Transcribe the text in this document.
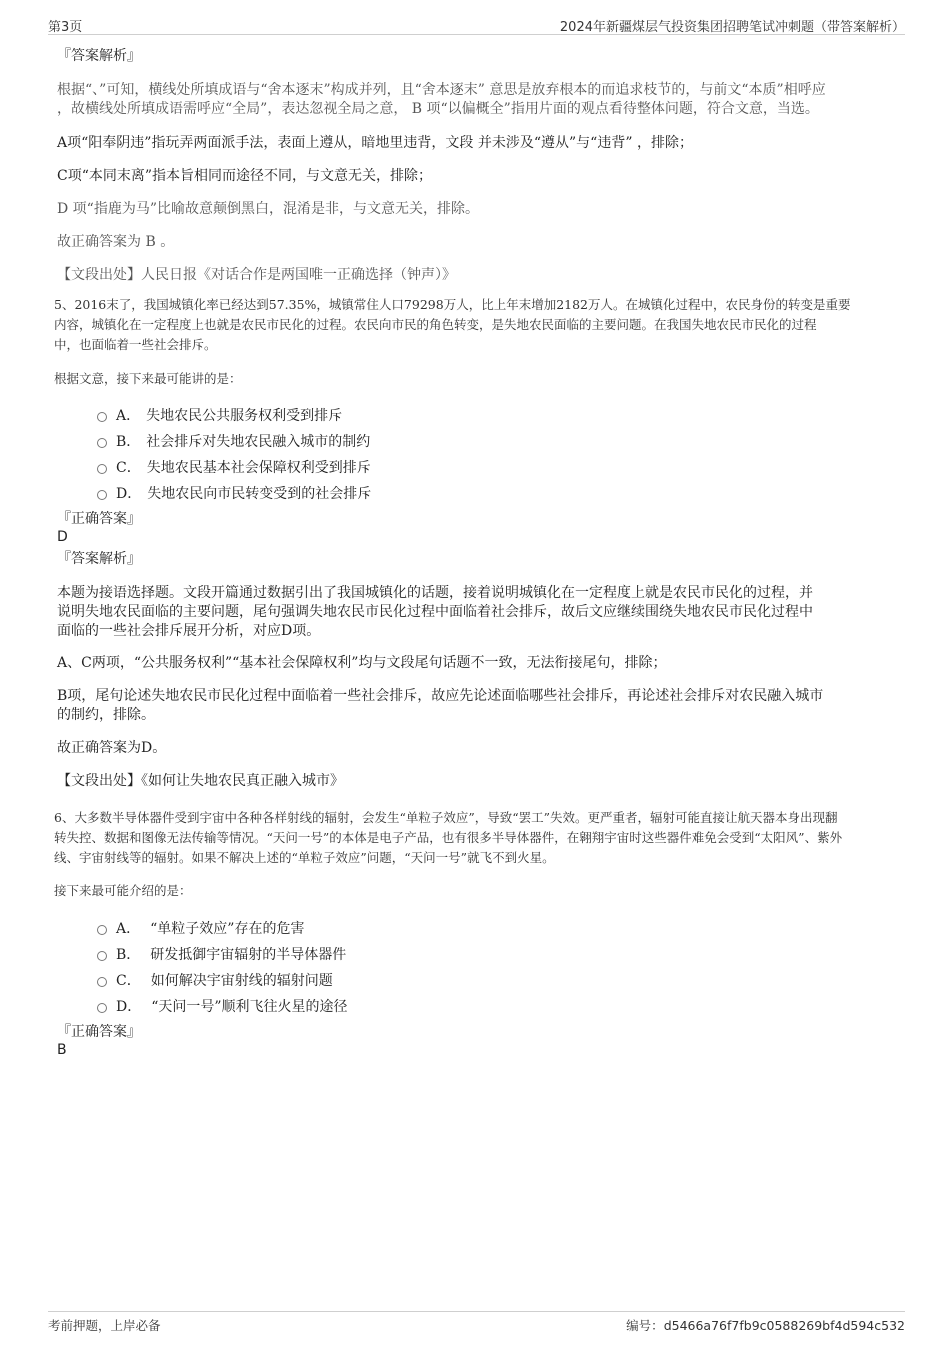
第3页	2024年新疆煤层气投资集团招聘笔试冲刺题（带答案解析）

『答案解析』

根据“、”可知，横线处所填成语与“舍本逐末”构成并列，且“舍本逐末” 意思是放弃根本的而追求枝节的，与前文“本质”相呼应

，故横线处所填成语需呼应“全局”，表达忽视全局之意， B 项“以偏概全”指用片面的观点看待整体问题，符合文意，当选。

A项“阳奉阴违”指玩弄两面派手法，表面上遵从，暗地里违背，文段 并未涉及“遵从”与“违背” ，排除；

C项“本同末离”指本旨相同而途径不同，与文意无关，排除；

D 项“指鹿为马”比喻故意颠倒黑白，混淆是非，与文意无关，排除。

故正确答案为 B 。

【文段出处】人民日报《对话合作是两国唯一正确选择（钟声）》

5、2016末了，我国城镇化率已经达到57.35%，城镇常住人口79298万人，比上年末增加2182万人。在城镇化过程中，农民身份的转变是重要

内容，城镇化在一定程度上也就是农民市民化的过程。农民向市民的角色转变，是失地农民面临的主要问题。在我国失地农民市民化的过程

中，也面临着一些社会排斥。

根据文意，接下来最可能讲的是：

A． 失地农民公共服务权利受到排斥
B． 社会排斥对失地农民融入城市的制约
C． 失地农民基本社会保障权利受到排斥
D． 失地农民向市民转变受到的社会排斥

『正确答案』

D

『答案解析』

本题为接语选择题。文段开篇通过数据引出了我国城镇化的话题，接着说明城镇化在一定程度上就是农民市民化的过程，并

说明失地农民面临的主要问题，尾句强调失地农民市民化过程中面临着社会排斥，故后文应继续围绕失地农民市民化过程中

面临的一些社会排斥展开分析，对应D项。

A、C两项，“公共服务权利”“基本社会保障权利”均与文段尾句话题不一致，无法衔接尾句，排除；

B项，尾句论述失地农民市民化过程中面临着一些社会排斥，故应先论述面临哪些社会排斥，再论述社会排斥对农民融入城市

的制约，排除。

故正确答案为D。

【文段出处】《如何让失地农民真正融入城市》

6、大多数半导体器件受到宇宙中各种各样射线的辐射，会发生“单粒子效应”，导致“罢工”失效。更严重者，辐射可能直接让航天器本身出现翻

转失控、数据和图像无法传输等情况。“天问一号”的本体是电子产品，也有很多半导体器件，在翱翔宇宙时这些器件难免会受到“太阳风”、紫外

线、宇宙射线等的辐射。如果不解决上述的“单粒子效应”问题，“天问一号”就飞不到火星。

接下来最可能介绍的是：

A． “单粒子效应”存在的危害
B． 研发抵御宇宙辐射的半导体器件
C． 如何解决宇宙射线的辐射问题
D． “天问一号”顺利飞往火星的途径

『正确答案』

B

考前押题，上岸必备	编号：d5466a76f7fb9c0588269bf4d594c532
